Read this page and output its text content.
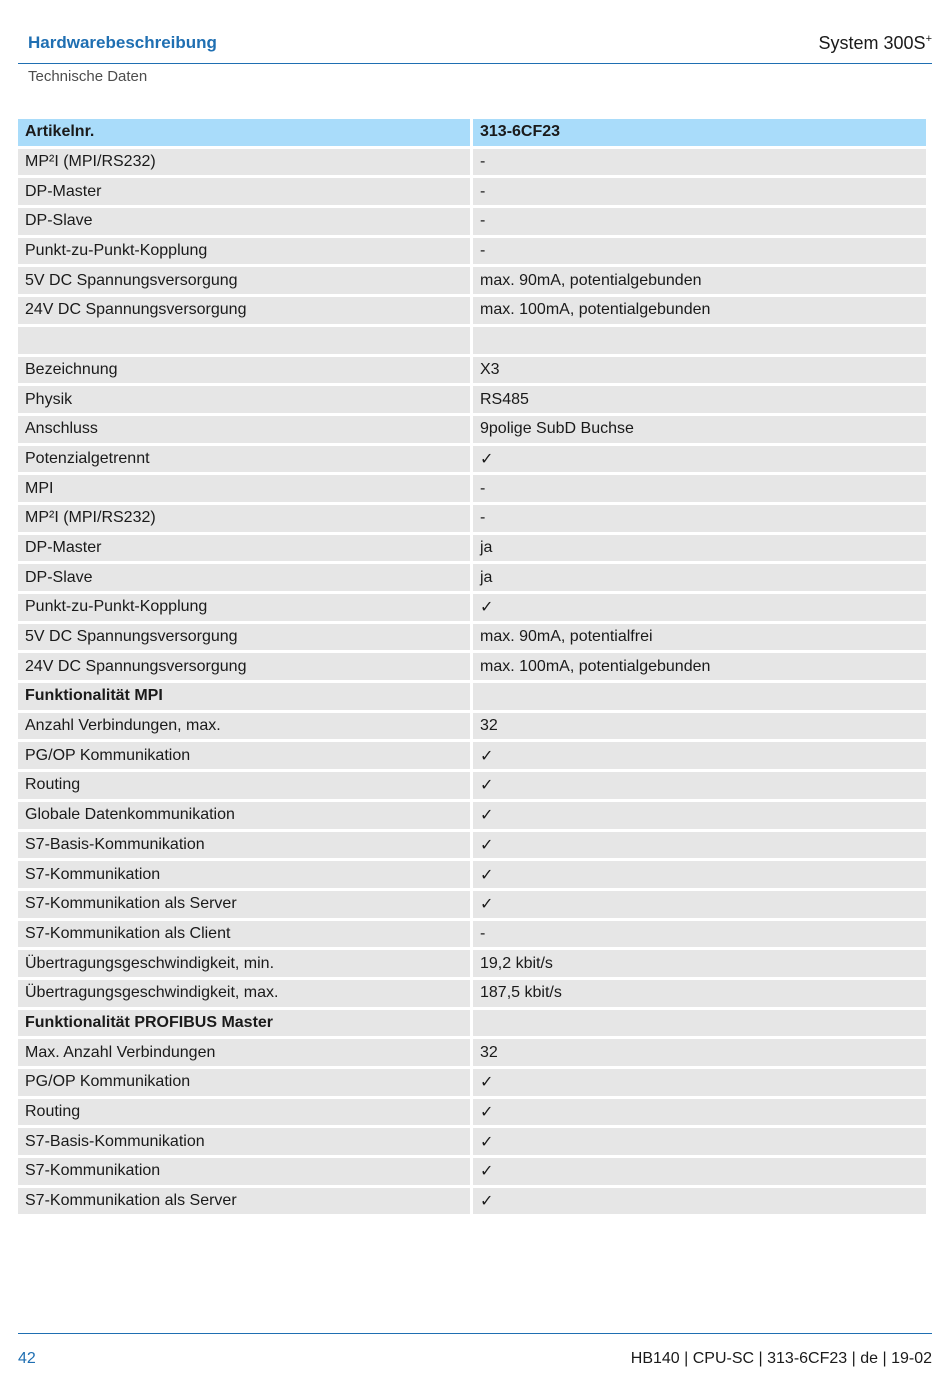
Hardwarebeschreibung	System 300S+
Technische Daten
Artikelnr.	313-6CF23
MP²I (MPI/RS232)	-
DP-Master	-
DP-Slave	-
Punkt-zu-Punkt-Kopplung	-
5V DC Spannungsversorgung	max. 90mA, potentialgebunden
24V DC Spannungsversorgung	max. 100mA, potentialgebunden

Bezeichnung	X3
Physik	RS485
Anschluss	9polige SubD Buchse
Potenzialgetrennt	✓
MPI	-
MP²I (MPI/RS232)	-
DP-Master	ja
DP-Slave	ja
Punkt-zu-Punkt-Kopplung	✓
5V DC Spannungsversorgung	max. 90mA, potentialfrei
24V DC Spannungsversorgung	max. 100mA, potentialgebunden
Funktionalität MPI	
Anzahl Verbindungen, max.	32
PG/OP Kommunikation	✓
Routing	✓
Globale Datenkommunikation	✓
S7-Basis-Kommunikation	✓
S7-Kommunikation	✓
S7-Kommunikation als Server	✓
S7-Kommunikation als Client	-
Übertragungsgeschwindigkeit, min.	19,2 kbit/s
Übertragungsgeschwindigkeit, max.	187,5 kbit/s
Funktionalität PROFIBUS Master	
Max. Anzahl Verbindungen	32
PG/OP Kommunikation	✓
Routing	✓
S7-Basis-Kommunikation	✓
S7-Kommunikation	✓
S7-Kommunikation als Server	✓
42	HB140 | CPU-SC | 313-6CF23 | de | 19-02
